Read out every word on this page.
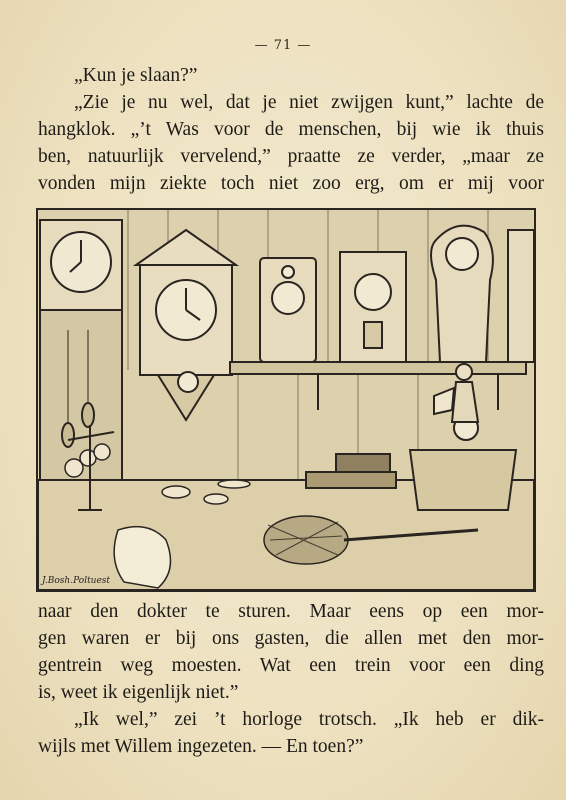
— 71 —
„Kun je slaan?”
„Zie je nu wel, dat je niet zwijgen kunt,” lachte de
hangklok. „’t Was voor de menschen, bij wie ik thuis
ben, natuurlijk vervelend,” praatte ze verder, „maar ze
vonden mijn ziekte toch niet zoo erg, om er mij voor
J.Bosh.Poltuest
naar den dokter te sturen. Maar eens op een mor-
gen waren er bij ons gasten, die allen met den mor-
gentrein weg moesten. Wat een trein voor een ding
is, weet ik eigenlijk niet.”
„Ik wel,” zei ’t horloge trotsch. „Ik heb er dik-
wijls met Willem ingezeten. — En toen?”
